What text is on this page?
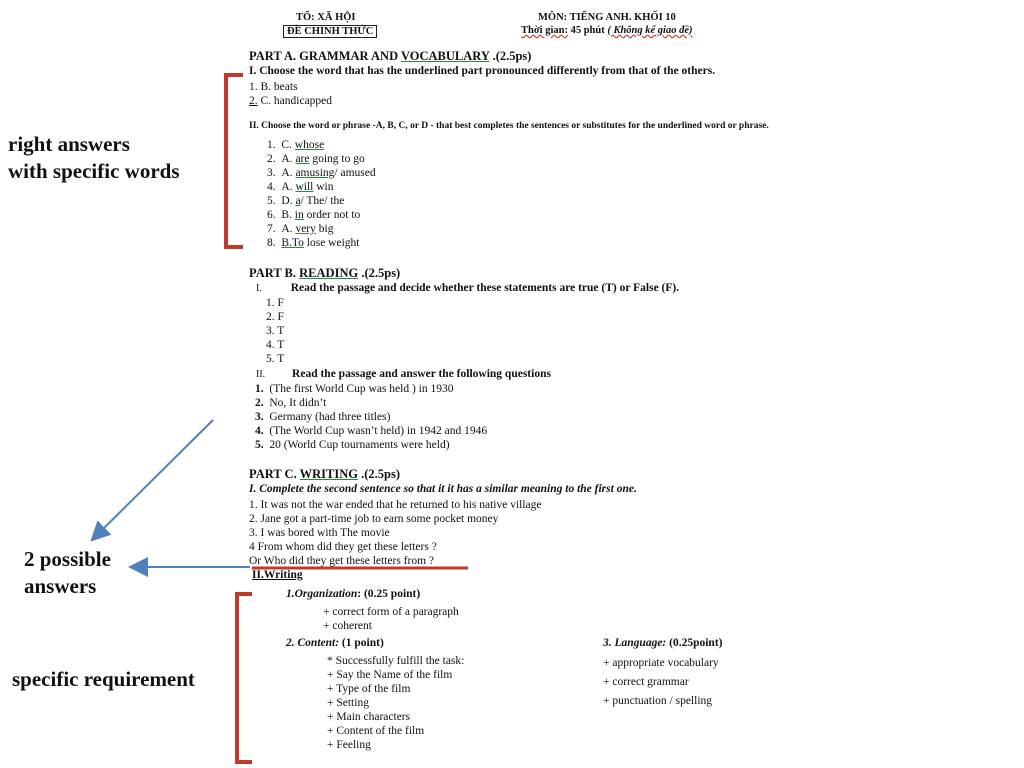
TỔ: XÃ HỘI
ĐỀ CHÍNH THỨC
MÔN: TIẾNG ANH. KHỐI 10
Thời gian: 45 phút ( Không kể giao đề)
PART A. GRAMMAR AND VOCABULARY .(2.5ps)
I. Choose the word that has the underlined part pronounced differently from that of the others.
1. B. beats
2. C. handicapped
II. Choose the word or phrase -A, B, C, or D - that best completes the sentences or substitutes for the underlined word or phrase.
1. C. whose
2. A. are going to go
3. A. amusing/ amused
4. A. will win
5. D. a/ The/ the
6. B. in order not to
7. A. very big
8. B.To lose weight
PART B. READING .(2.5ps)
I.	Read the passage and decide whether these statements are true (T) or False (F).
1. F
2. F
3. T
4. T
5. T
II. Read the passage and answer the following questions
1. (The first World Cup was held ) in 1930
2. No, It didn’t
3. Germany (had three titles)
4. (The World Cup wasn’t held) in 1942 and 1946
5. 20 (World Cup tournaments were held)
PART C. WRITING .(2.5ps)
I. Complete the second sentence so that it it has a similar meaning to the first one.
1. It was not the war ended that he returned to his native village
2. Jane got a part-time job to earn some pocket money
3. I was bored with The movie
4 From whom did they get these letters ?
Or Who did they get these letters from ?
II.Writing
1.Organization: (0.25 point)
+ correct form of a paragraph
+ coherent
2. Content: (1 point)
* Successfully fulfill the task:
+ Say the Name of the film
+ Type of the film
+ Setting
+ Main characters
+ Content of the film
+ Feeling
3. Language: (0.25point)
+ appropriate vocabulary
+ correct grammar
+ punctuation / spelling
right answers
with specific words
2 possible
answers
specific requirement
